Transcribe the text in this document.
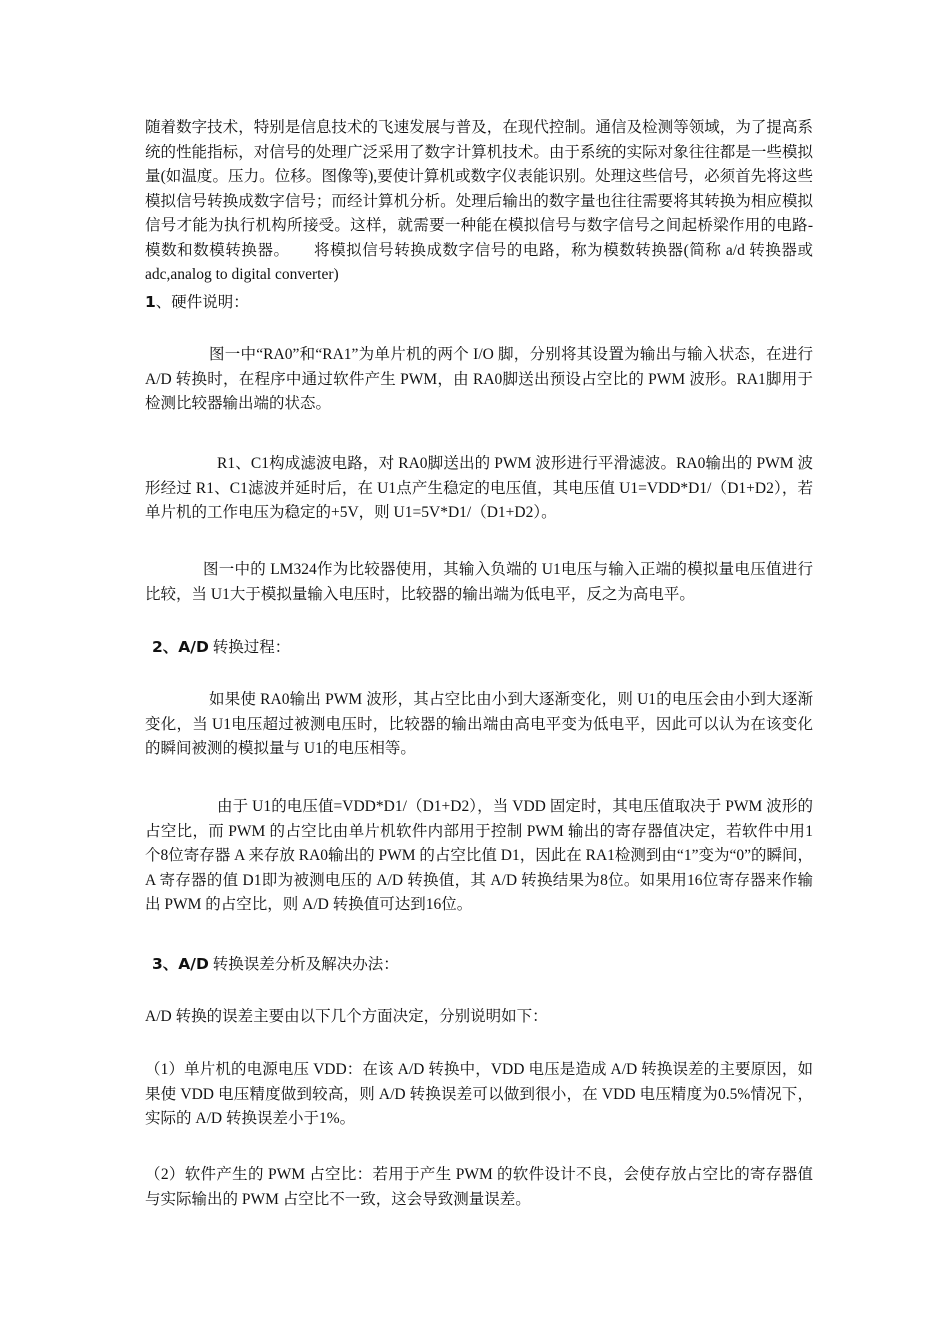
随着数字技术，特别是信息技术的飞速发展与普及，在现代控制。通信及检测等领域，为了提高系统的性能指标，对信号的处理广泛采用了数字计算机技术。由于系统的实际对象往往都是一些模拟量(如温度。压力。位移。图像等),要使计算机或数字仪表能识别。处理这些信号，必须首先将这些模拟信号转换成数字信号；而经计算机分析。处理后输出的数字量也往往需要将其转换为相应模拟信号才能为执行机构所接受。这样，就需要一种能在模拟信号与数字信号之间起桥梁作用的电路-模数和数模转换器。　　将模拟信号转换成数字信号的电路，称为模数转换器(简称 a/d 转换器或 adc,analog to digital converter)

1、硬件说明：

图一中“RA0”和“RA1”为单片机的两个 I/O 脚，分别将其设置为输出与输入状态，在进行 A/D 转换时，在程序中通过软件产生 PWM，由 RA0脚送出预设占空比的 PWM 波形。RA1脚用于检测比较器输出端的状态。

R1、C1构成滤波电路，对 RA0脚送出的 PWM 波形进行平滑滤波。RA0输出的 PWM 波形经过 R1、C1滤波并延时后，在 U1点产生稳定的电压值，其电压值 U1=VDD*D1/（D1+D2），若单片机的工作电压为稳定的+5V，则 U1=5V*D1/（D1+D2）。

图一中的 LM324作为比较器使用，其输入负端的 U1电压与输入正端的模拟量电压值进行比较，当 U1大于模拟量输入电压时，比较器的输出端为低电平，反之为高电平。

2、A/D 转换过程：

如果使 RA0输出 PWM 波形，其占空比由小到大逐渐变化，则 U1的电压会由小到大逐渐变化，当 U1电压超过被测电压时，比较器的输出端由高电平变为低电平，因此可以认为在该变化的瞬间被测的模拟量与 U1的电压相等。

由于 U1的电压值=VDD*D1/（D1+D2），当 VDD 固定时，其电压值取决于 PWM 波形的占空比，而 PWM 的占空比由单片机软件内部用于控制 PWM 输出的寄存器值决定，若软件中用1个8位寄存器 A 来存放 RA0输出的 PWM 的占空比值 D1，因此在 RA1检测到由“1”变为“0”的瞬间，A 寄存器的值 D1即为被测电压的 A/D 转换值，其 A/D 转换结果为8位。如果用16位寄存器来作输出 PWM 的占空比，则 A/D 转换值可达到16位。

3、A/D 转换误差分析及解决办法：

A/D 转换的误差主要由以下几个方面决定，分别说明如下：

（1）单片机的电源电压 VDD：在该 A/D 转换中，VDD 电压是造成 A/D 转换误差的主要原因，如果使 VDD 电压精度做到较高，则 A/D 转换误差可以做到很小，在 VDD 电压精度为0.5%情况下，实际的 A/D 转换误差小于1%。

（2）软件产生的 PWM 占空比：若用于产生 PWM 的软件设计不良，会使存放占空比的寄存器值与实际输出的 PWM 占空比不一致，这会导致测量误差。
